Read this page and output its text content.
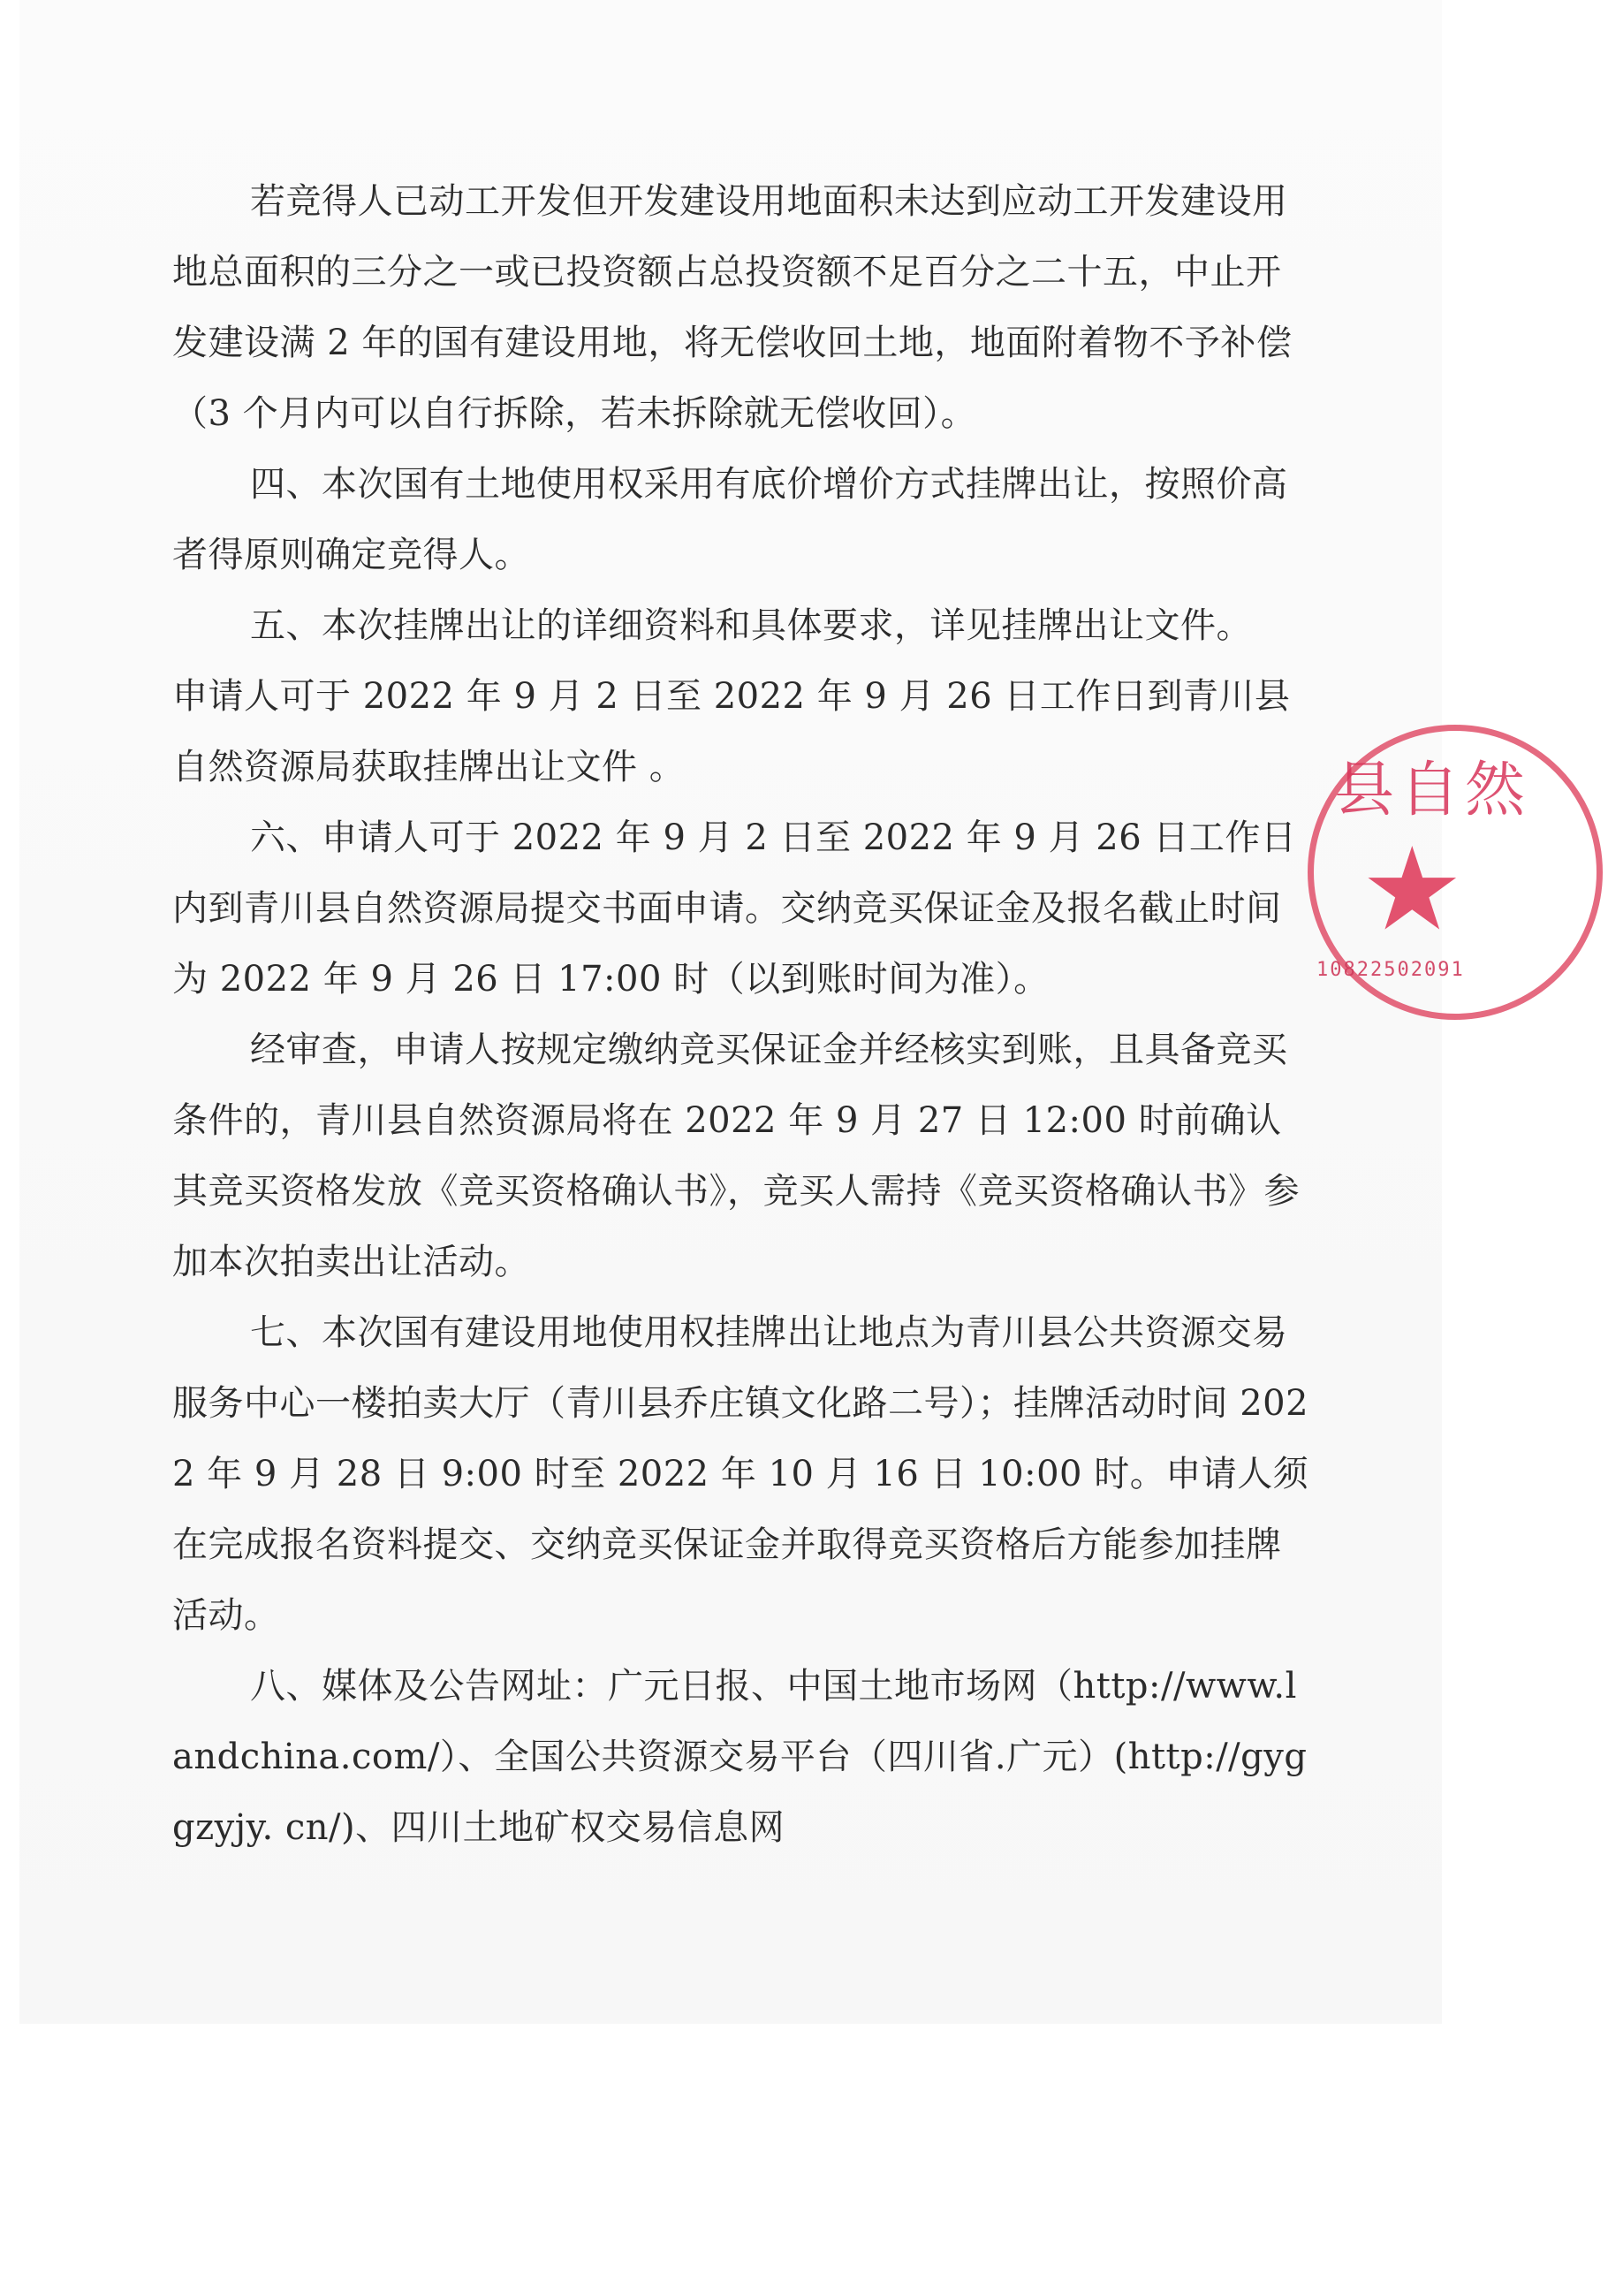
若竞得人已动工开发但开发建设用地面积未达到应动工开发建设用地总面积的三分之一或已投资额占总投资额不足百分之二十五，中止开发建设满 2 年的国有建设用地，将无偿收回土地，地面附着物不予补偿（3 个月内可以自行拆除，若未拆除就无偿收回）。

四、本次国有土地使用权采用有底价增价方式挂牌出让，按照价高者得原则确定竞得人。

五、本次挂牌出让的详细资料和具体要求，详见挂牌出让文件。

申请人可于 2022 年 9 月 2 日至 2022 年 9 月 26 日工作日到青川县自然资源局获取挂牌出让文件 。

六、申请人可于 2022 年 9 月 2 日至 2022 年 9 月 26 日工作日内到青川县自然资源局提交书面申请。交纳竞买保证金及报名截止时间为 2022 年 9 月 26 日 17:00 时（以到账时间为准）。

经审查，申请人按规定缴纳竞买保证金并经核实到账，且具备竞买条件的，青川县自然资源局将在 2022 年 9 月 27 日 12:00 时前确认其竞买资格发放《竞买资格确认书》，竞买人需持《竞买资格确认书》参加本次拍卖出让活动。

七、本次国有建设用地使用权挂牌出让地点为青川县公共资源交易服务中心一楼拍卖大厅（青川县乔庄镇文化路二号）；挂牌活动时间 2022 年 9 月 28 日 9:00 时至 2022 年 10 月 16 日 10:00 时。申请人须在完成报名资料提交、交纳竞买保证金并取得竞买资格后方能参加挂牌活动。

八、媒体及公告网址：广元日报、中国土地市场网（http://www.landchina.com/）、全国公共资源交易平台（四川省.广元）(http://gyggzyjy. cn/)、四川土地矿权交易信息网

县自然
★
10822502091
